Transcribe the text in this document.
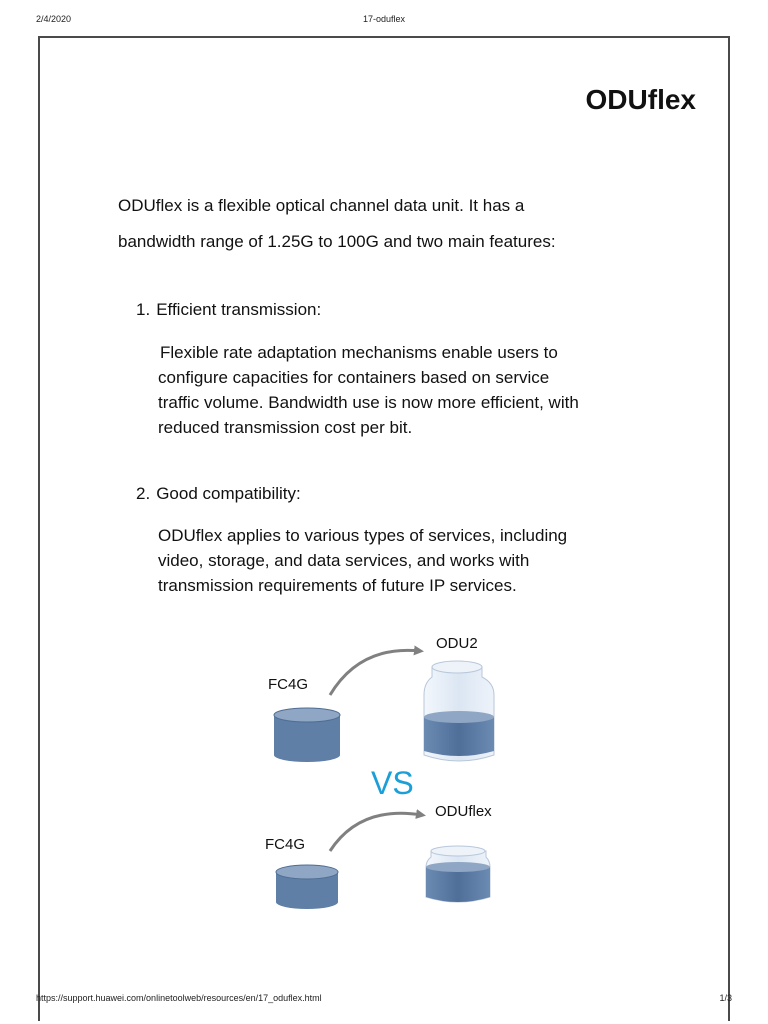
2/4/2020	17-oduflex
ODUflex
ODUflex is a flexible optical channel data unit. It has a
bandwidth range of 1.25G to 100G and two main features:
1. Efficient transmission:
Flexible rate adaptation mechanisms enable users to
configure capacities for containers based on service
traffic volume. Bandwidth use is now more efficient, with
reduced transmission cost per bit.
2. Good compatibility:
ODUflex applies to various types of services, including
video, storage, and data services, and works with
transmission requirements of future IP services.
ODU2
FC4G
VS
ODUflex
FC4G
https://support.huawei.com/onlinetoolweb/resources/en/17_oduflex.html	1/3
